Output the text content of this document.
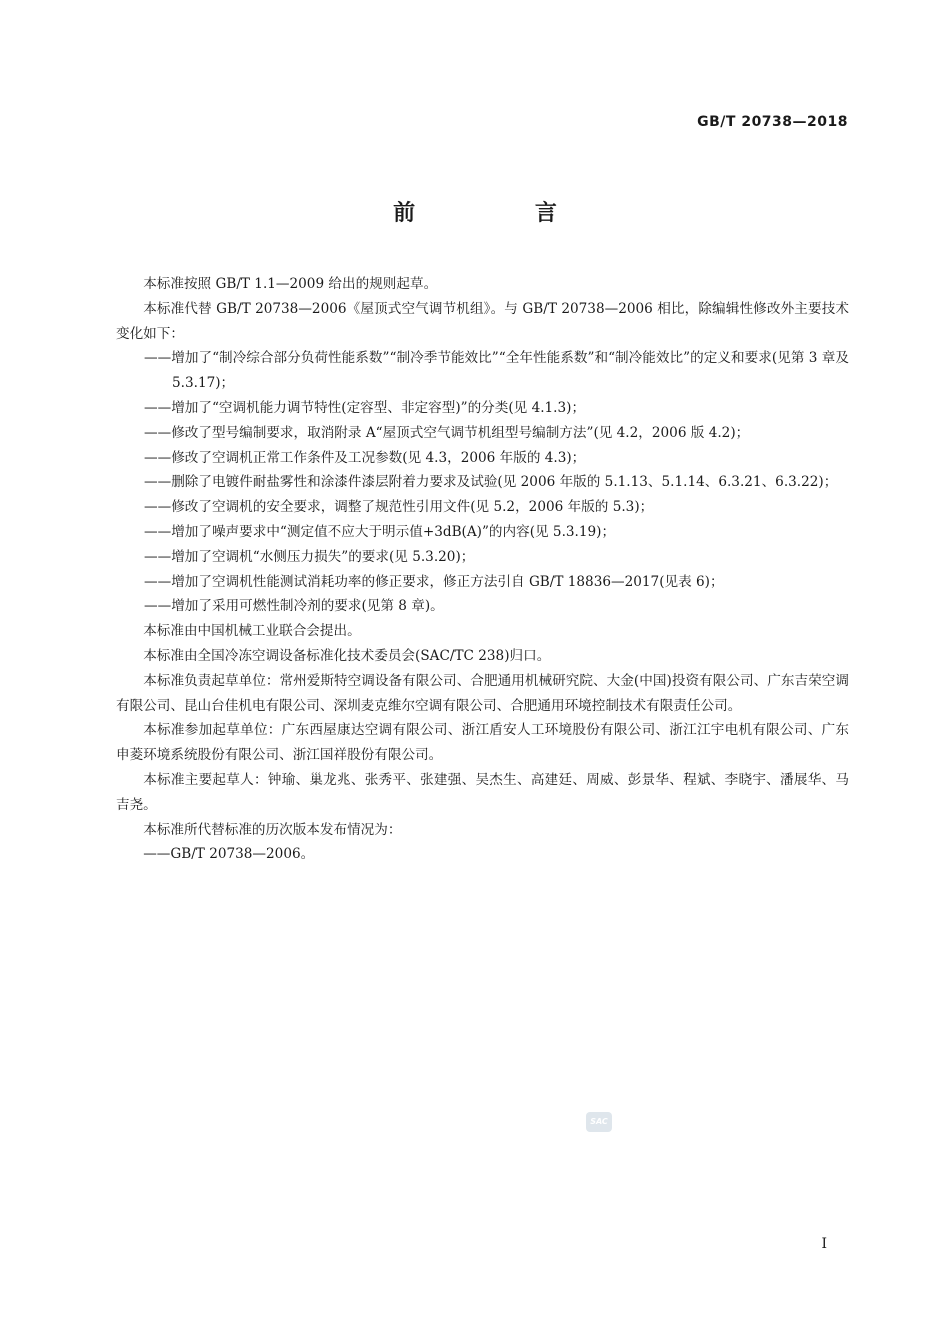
GB/T 20738—2018
前 言

本标准按照 GB/T 1.1—2009 给出的规则起草。

本标准代替 GB/T 20738—2006《屋顶式空气调节机组》。与 GB/T 20738—2006 相比，除编辑性修改外主要技术变化如下：

——增加了“制冷综合部分负荷性能系数”“制冷季节能效比”“全年性能系数”和“制冷能效比”的定义和要求(见第 3 章及 5.3.17)；

——增加了“空调机能力调节特性(定容型、非定容型)”的分类(见 4.1.3)；

——修改了型号编制要求，取消附录 A“屋顶式空气调节机组型号编制方法”(见 4.2，2006 版 4.2)；

——修改了空调机正常工作条件及工况参数(见 4.3，2006 年版的 4.3)；

——删除了电镀件耐盐雾性和涂漆件漆层附着力要求及试验(见 2006 年版的 5.1.13、5.1.14、6.3.21、6.3.22)；

——修改了空调机的安全要求，调整了规范性引用文件(见 5.2，2006 年版的 5.3)；

——增加了噪声要求中“测定值不应大于明示值+3dB(A)”的内容(见 5.3.19)；

——增加了空调机“水侧压力损失”的要求(见 5.3.20)；

——增加了空调机性能测试消耗功率的修正要求，修正方法引自 GB/T 18836—2017(见表 6)；

——增加了采用可燃性制冷剂的要求(见第 8 章)。

本标准由中国机械工业联合会提出。

本标准由全国冷冻空调设备标准化技术委员会(SAC/TC 238)归口。

本标准负责起草单位：常州爱斯特空调设备有限公司、合肥通用机械研究院、大金(中国)投资有限公司、广东吉荣空调有限公司、昆山台佳机电有限公司、深圳麦克维尔空调有限公司、合肥通用环境控制技术有限责任公司。

本标准参加起草单位：广东西屋康达空调有限公司、浙江盾安人工环境股份有限公司、浙江江宇电机有限公司、广东申菱环境系统股份有限公司、浙江国祥股份有限公司。

本标准主要起草人：钟瑜、巢龙兆、张秀平、张建强、吴杰生、高建廷、周威、彭景华、程斌、李晓宇、潘展华、马吉尧。

本标准所代替标准的历次版本发布情况为：

——GB/T 20738—2006。

SAC
I
